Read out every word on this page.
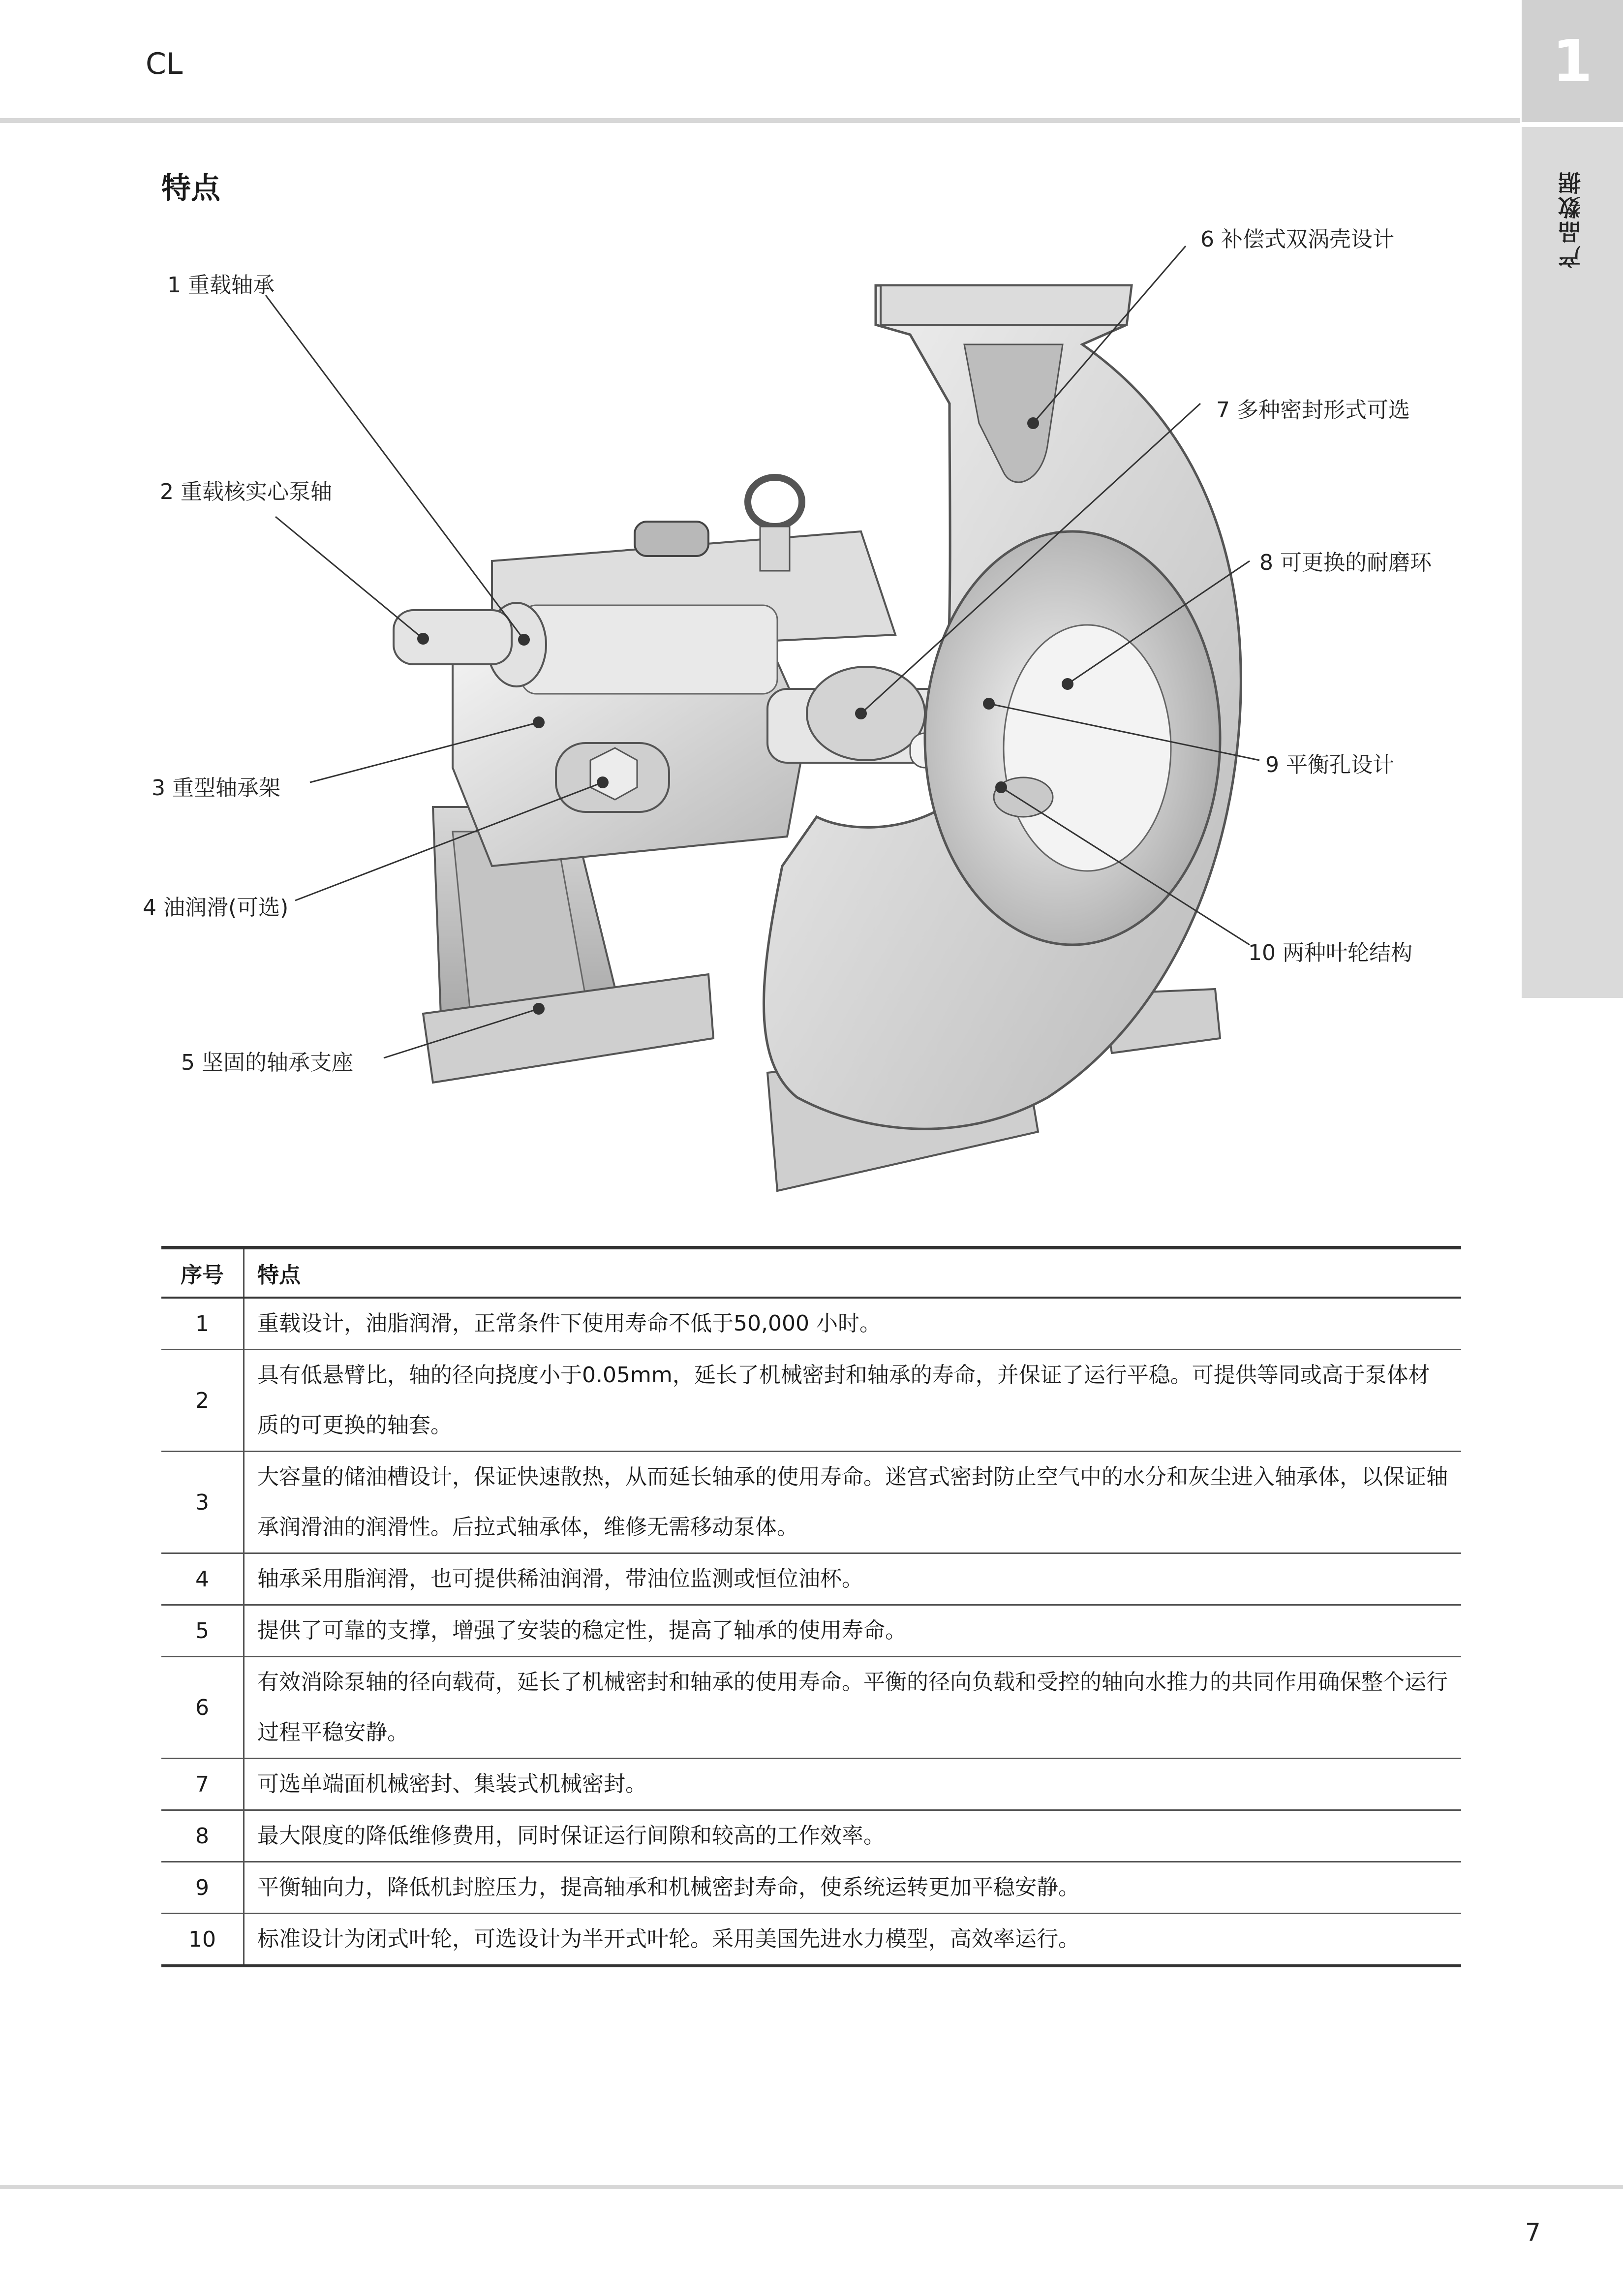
CL	1
产品数据
特点
1 重载轴承
2 重载核实心泵轴
3 重型轴承架
4 油润滑(可选)
5 坚固的轴承支座
6 补偿式双涡壳设计
7 多种密封形式可选
8 可更换的耐磨环
9 平衡孔设计
10 两种叶轮结构
序号	特点
1	重载设计，油脂润滑，正常条件下使用寿命不低于50,000 小时。
2	具有低悬臂比，轴的径向挠度小于0.05mm，延长了机械密封和轴承的寿命，并保证了运行平稳。可提供等同或高于泵体材质的可更换的轴套。
3	大容量的储油槽设计，保证快速散热，从而延长轴承的使用寿命。迷宫式密封防止空气中的水分和灰尘进入轴承体，以保证轴承润滑油的润滑性。后拉式轴承体，维修无需移动泵体。
4	轴承采用脂润滑，也可提供稀油润滑，带油位监测或恒位油杯。
5	提供了可靠的支撑，增强了安装的稳定性，提高了轴承的使用寿命。
6	有效消除泵轴的径向载荷，延长了机械密封和轴承的使用寿命。平衡的径向负载和受控的轴向水推力的共同作用确保整个运行过程平稳安静。
7	可选单端面机械密封、集装式机械密封。
8	最大限度的降低维修费用，同时保证运行间隙和较高的工作效率。
9	平衡轴向力，降低机封腔压力，提高轴承和机械密封寿命，使系统运转更加平稳安静。
10	标准设计为闭式叶轮，可选设计为半开式叶轮。采用美国先进水力模型，高效率运行。
7
